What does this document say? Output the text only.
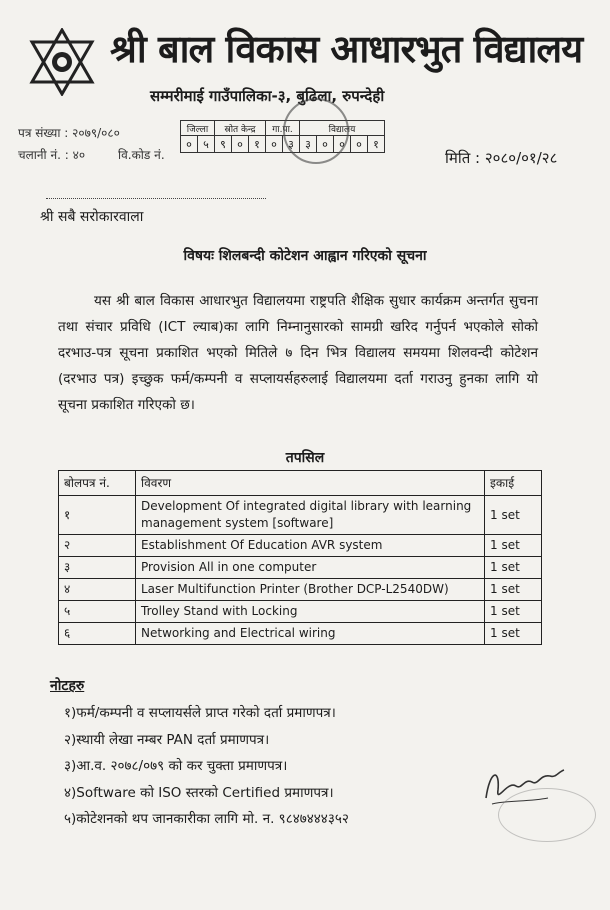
श्री बाल विकास आधारभुत विद्यालय
सम्मरीमाई गाउँपालिका-३, बुढिला, रुपन्देही
पत्र संख्या : २०७९/०८०
चलानी नं. : ४०	वि.कोड नं.
जिल्ला		स्रोत केन्द्र			गा.पा.		विद्यालय				
०	५	९	०	१	०	३	३	०	०	०	१
मिति : २०८०/०१/२८
श्री सबै सरोकारवाला
विषयः शिलबन्दी कोटेशन आह्वान गरिएको सूचना
यस श्री बाल विकास आधारभुत विद्यालयमा राष्ट्रपति शैक्षिक सुधार कार्यक्रम अन्तर्गत सुचना तथा संचार प्रविधि (ICT ल्याब)का लागि निम्नानुसारको सामग्री खरिद गर्नुपर्न भएकोले सोको दरभाउ-पत्र सूचना प्रकाशित भएको मितिले ७ दिन भित्र विद्यालय समयमा शिलवन्दी कोटेशन (दरभाउ पत्र) इच्छुक फर्म/कम्पनी व सप्लायर्सहरुलाई विद्यालयमा दर्ता गराउनु हुनका लागि यो सूचना प्रकाशित गरिएको छ।
तपसिल
बोलपत्र नं.	विवरण	इकाई
१	Development Of integrated digital library with learning management system [software]	1 set
२	Establishment Of Education AVR system	1 set
३	Provision All in one computer	1 set
४	Laser Multifunction Printer (Brother DCP-L2540DW)	1 set
५	Trolley Stand with Locking	1 set
६	Networking and Electrical wiring	1 set
नोटहरु
१)फर्म/कम्पनी व सप्लायर्सले प्राप्त गरेको दर्ता प्रमाणपत्र।
२)स्थायी लेखा नम्बर PAN दर्ता प्रमाणपत्र।
३)आ.व. २०७८/०७९ को कर चुक्ता प्रमाणपत्र।
४)Software को ISO स्तरको Certified प्रमाणपत्र।
५)कोटेशनको थप जानकारीका लागि मो. न. ९८४७४४४३५२
